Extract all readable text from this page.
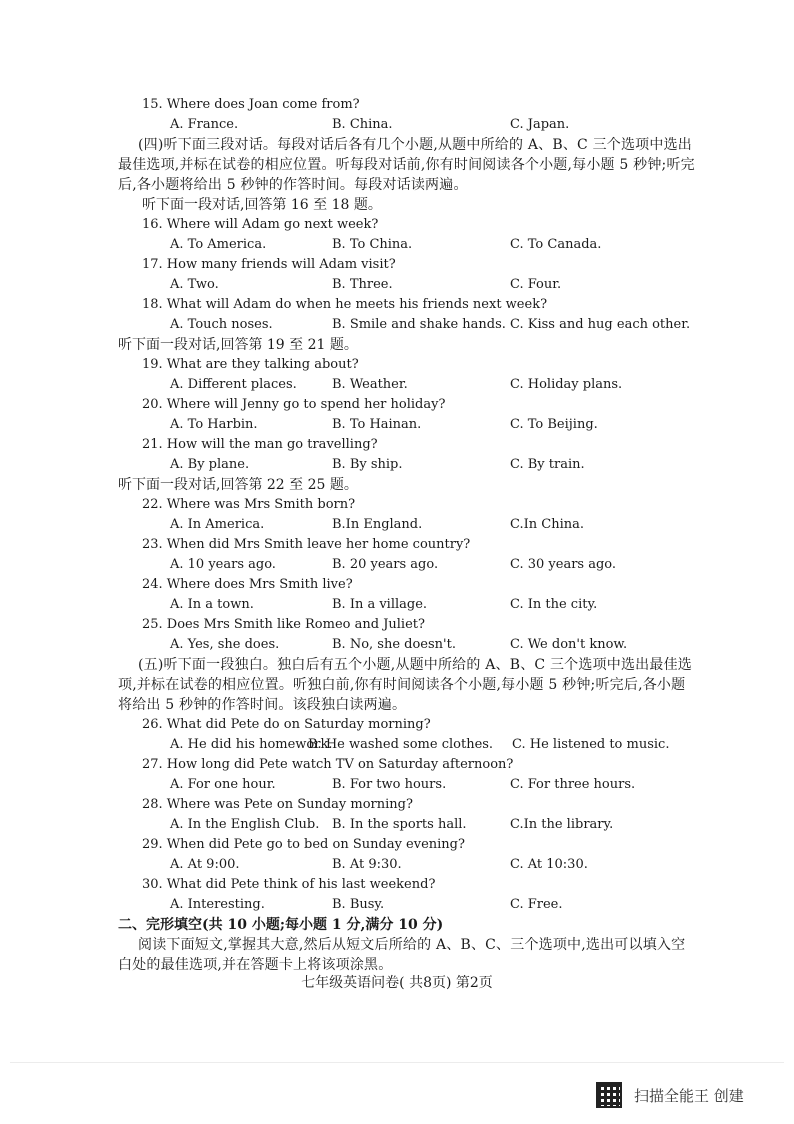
15. Where does Joan come from?
A. France.	B. China.	C. Japan.
(四)听下面三段对话。每段对话后各有几个小题,从题中所给的 A、B、C 三个选项中选出最佳选项,并标在试卷的相应位置。听每段对话前,你有时间阅读各个小题,每小题 5 秒钟;听完后,各小题将给出 5 秒钟的作答时间。每段对话读两遍。
听下面一段对话,回答第 16 至 18 题。
16. Where will Adam go next week?
A. To America.	B. To China.	C. To Canada.
17. How many friends will Adam visit?
A. Two.	B. Three.	C. Four.
18. What will Adam do when he meets his friends next week?
A. Touch noses.	B. Smile and shake hands. C. Kiss and hug each other.
听下面一段对话,回答第 19 至 21 题。
19. What are they talking about?
A. Different places.	B. Weather.	C. Holiday plans.
20. Where will Jenny go to spend her holiday?
A. To Harbin.	B. To Hainan.	C. To Beijing.
21. How will the man go travelling?
A. By plane.	B. By ship.	C. By train.
听下面一段对话,回答第 22 至 25 题。
22. Where was Mrs Smith born?
A. In America.	B.In England.	C.In China.
23. When did Mrs Smith leave her home country?
A. 10 years ago.	B. 20 years ago.	C. 30 years ago.
24. Where does Mrs Smith live?
A. In a town.	B. In a village.	C. In the city.
25. Does Mrs Smith like Romeo and Juliet?
A. Yes, she does.	B. No, she doesn't.	C. We don't know.
(五)听下面一段独白。独白后有五个小题,从题中所给的 A、B、C 三个选项中选出最佳选项,并标在试卷的相应位置。听独白前,你有时间阅读各个小题,每小题 5 秒钟;听完后,各小题将给出 5 秒钟的作答时间。该段独白读两遍。
26. What did Pete do on Saturday morning?
A. He did his homework.
B. He washed some clothes. C. He listened to music.
27. How long did Pete watch TV on Saturday afternoon?
A. For one hour.	B. For two hours.	C. For three hours.
28. Where was Pete on Sunday morning?
A. In the English Club. B. In the sports hall.	C.In the library.
29. When did Pete go to bed on Sunday evening?
A. At 9:00.	B. At 9:30.	C. At 10:30.
30. What did Pete think of his last weekend?
A. Interesting.	B. Busy.	C. Free.
二、完形填空(共 10 小题;每小题 1 分,满分 10 分)
阅读下面短文,掌握其大意,然后从短文后所给的 A、B、C、三个选项中,选出可以填入空白处的最佳选项,并在答题卡上将该项涂黑。
七年级英语问卷( 共8页) 第2页
扫描全能王 创建
